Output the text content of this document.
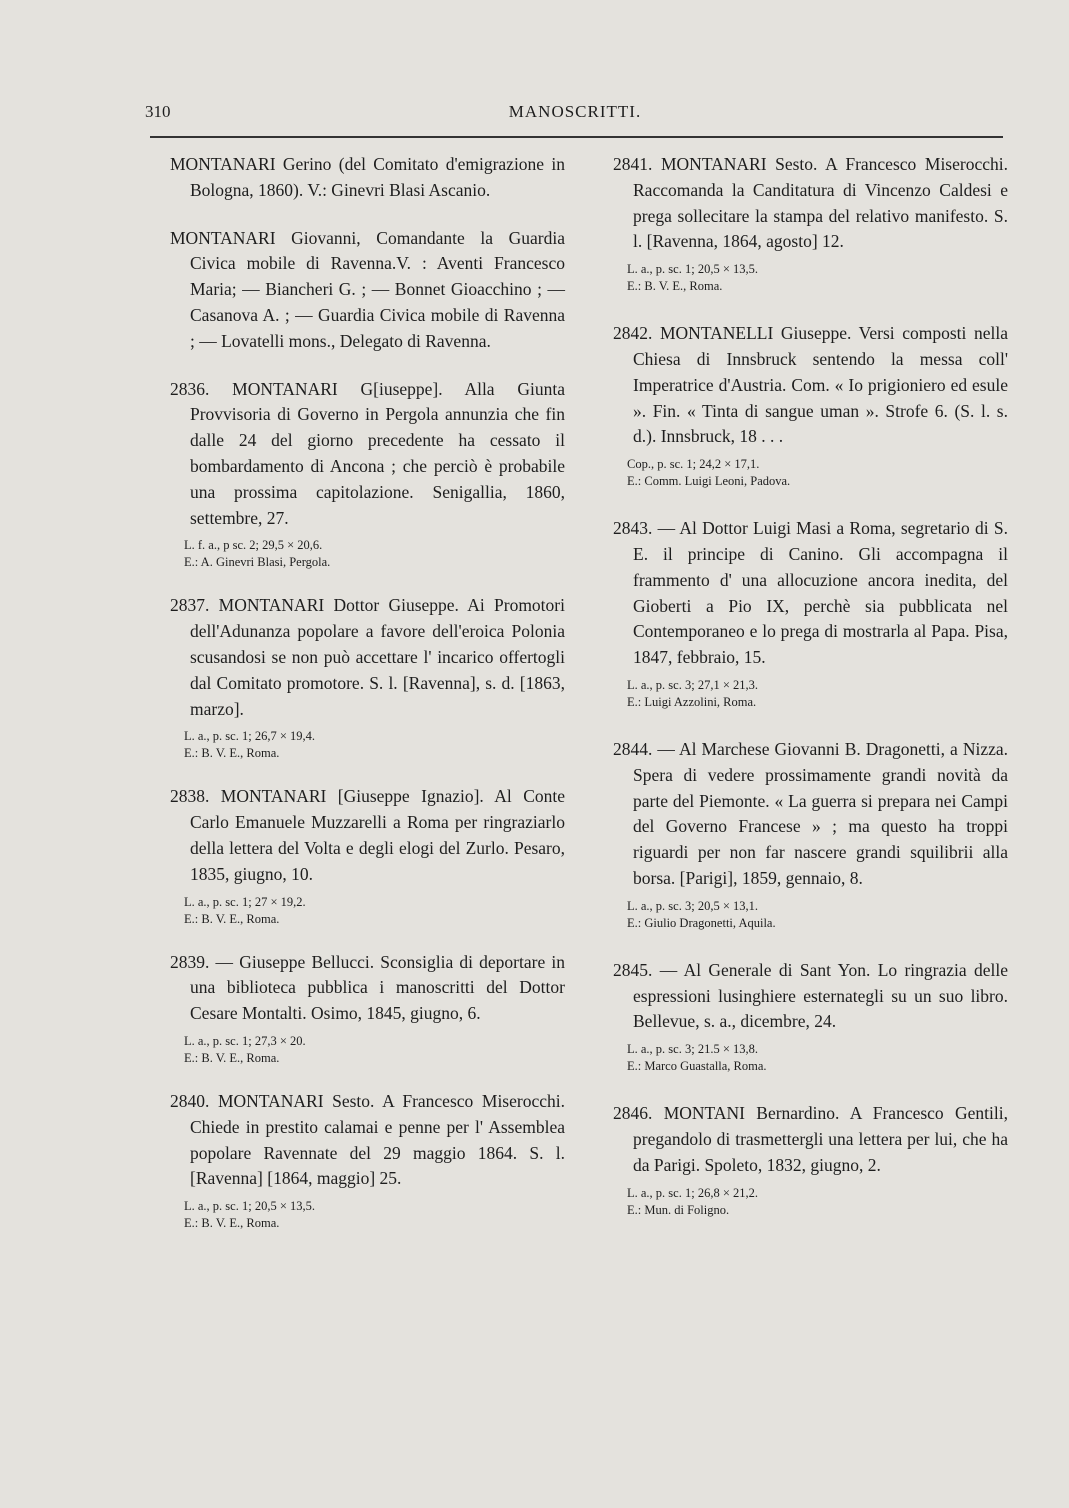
310	MANOSCRITTI.

MONTANARI Gerino (del Comitato d'emigrazione in Bologna, 1860). V.: Ginevri Blasi Ascanio.

MONTANARI Giovanni, Comandante la Guardia Civica mobile di Ravenna.V. : Aventi Francesco Maria; — Biancheri G. ; — Bonnet Gioacchino ; — Casanova A. ; — Guardia Civica mobile di Ravenna ; — Lovatelli mons., Delegato di Ravenna.

2836. MONTANARI G[iuseppe]. Alla Giunta Provvisoria di Governo in Pergola annunzia che fin dalle 24 del giorno precedente ha cessato il bombardamento di Ancona ; che perciò è probabile una prossima capitolazione. Senigallia, 1860, settembre, 27.

L. f. a., p sc. 2; 29,5 × 20,6.
E.: A. Ginevri Blasi, Pergola.

2837. MONTANARI Dottor Giuseppe. Ai Promotori dell'Adunanza popolare a favore dell'eroica Polonia scusandosi se non può accettare l' incarico offertogli dal Comitato promotore. S. l. [Ravenna], s. d. [1863, marzo].

L. a., p. sc. 1; 26,7 × 19,4.
E.: B. V. E., Roma.

2838. MONTANARI [Giuseppe Ignazio]. Al Conte Carlo Emanuele Muzzarelli a Roma per ringraziarlo della lettera del Volta e degli elogi del Zurlo. Pesaro, 1835, giugno, 10.

L. a., p. sc. 1; 27 × 19,2.
E.: B. V. E., Roma.

2839. — Giuseppe Bellucci. Sconsiglia di deportare in una biblioteca pubblica i manoscritti del Dottor Cesare Montalti. Osimo, 1845, giugno, 6.

L. a., p. sc. 1; 27,3 × 20.
E.: B. V. E., Roma.

2840. MONTANARI Sesto. A Francesco Miserocchi. Chiede in prestito calamai e penne per l' Assemblea popolare Ravennate del 29 maggio 1864. S. l. [Ravenna] [1864, maggio] 25.

L. a., p. sc. 1; 20,5 × 13,5.
E.: B. V. E., Roma.

2841. MONTANARI Sesto. A Francesco Miserocchi. Raccomanda la Canditatura di Vincenzo Caldesi e prega sollecitare la stampa del relativo manifesto. S. l. [Ravenna, 1864, agosto] 12.

L. a., p. sc. 1; 20,5 × 13,5.
E.: B. V. E., Roma.

2842. MONTANELLI Giuseppe. Versi composti nella Chiesa di Innsbruck sentendo la messa coll' Imperatrice d'Austria. Com. « Io prigioniero ed esule ». Fin. « Tinta di sangue uman ». Strofe 6. (S. l. s. d.). Innsbruck, 18 . . .

Cop., p. sc. 1; 24,2 × 17,1.
E.: Comm. Luigi Leoni, Padova.

2843. — Al Dottor Luigi Masi a Roma, segretario di S. E. il principe di Canino. Gli accompagna il frammento d' una allocuzione ancora inedita, del Gioberti a Pio IX, perchè sia pubblicata nel Contemporaneo e lo prega di mostrarla al Papa. Pisa, 1847, febbraio, 15.

L. a., p. sc. 3; 27,1 × 21,3.
E.: Luigi Azzolini, Roma.

2844. — Al Marchese Giovanni B. Dragonetti, a Nizza. Spera di vedere prossimamente grandi novità da parte del Piemonte. « La guerra si prepara nei Campi del Governo Francese » ; ma questo ha troppi riguardi per non far nascere grandi squilibrii alla borsa. [Parigi], 1859, gennaio, 8.

L. a., p. sc. 3; 20,5 × 13,1.
E.: Giulio Dragonetti, Aquila.

2845. — Al Generale di Sant Yon. Lo ringrazia delle espressioni lusinghiere esternategli su un suo libro. Bellevue, s. a., dicembre, 24.

L. a., p. sc. 3; 21.5 × 13,8.
E.: Marco Guastalla, Roma.

2846. MONTANI Bernardino. A Francesco Gentili, pregandolo di trasmettergli una lettera per lui, che ha da Parigi. Spoleto, 1832, giugno, 2.

L. a., p. sc. 1; 26,8 × 21,2.
E.: Mun. di Foligno.
